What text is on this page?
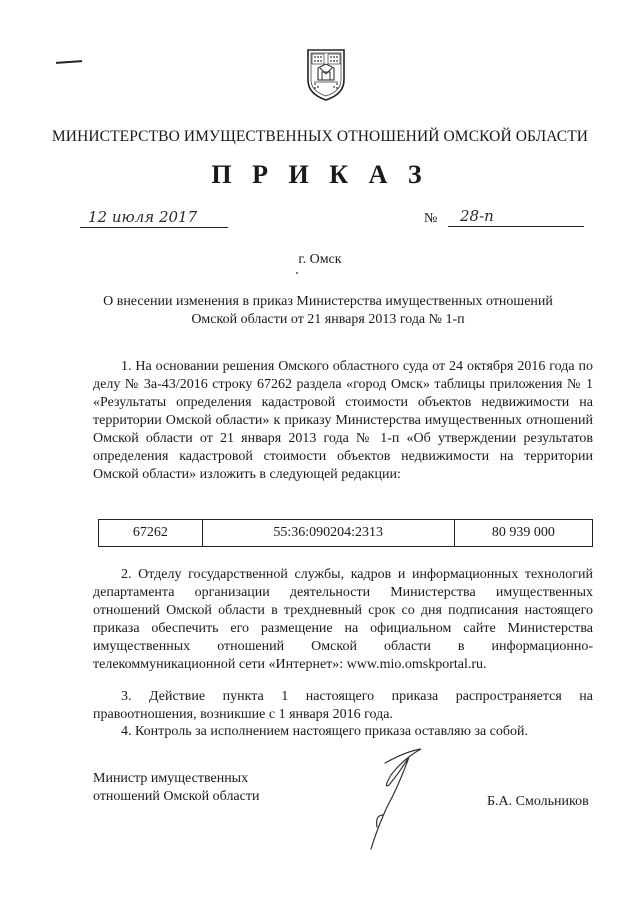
МИНИСТЕРСТВО ИМУЩЕСТВЕННЫХ ОТНОШЕНИЙ ОМСКОЙ ОБЛАСТИ
П Р И К А З
12 июля 2017	№ 28-п
г. Омск
О внесении изменения в приказ Министерства имущественных отношений Омской области от 21 января 2013 года № 1-п
1. На основании решения Омского областного суда от 24 октября 2016 года по делу № 3а-43/2016 строку 67262 раздела «город Омск» таблицы приложения № 1 «Результаты определения кадастровой стоимости объектов недвижимости на территории Омской области» к приказу Министерства имущественных отношений Омской области от 21 января 2013 года № 1-п «Об утверждении результатов определения кадастровой стоимости объектов недвижимости на территории Омской области» изложить в следующей редакции:
67262	55:36:090204:2313	80 939 000
2. Отделу государственной службы, кадров и информационных технологий департамента организации деятельности Министерства имущественных отношений Омской области в трехдневный срок со дня подписания настоящего приказа обеспечить его размещение на официальном сайте Министерства имущественных отношений Омской области в информационно-телекоммуникационной сети «Интернет»: www.mio.omskportal.ru.
3. Действие пункта 1 настоящего приказа распространяется на правоотношения, возникшие с 1 января 2016 года.
4. Контроль за исполнением настоящего приказа оставляю за собой.
Министр имущественных
отношений Омской области	Б.А. Смольников
